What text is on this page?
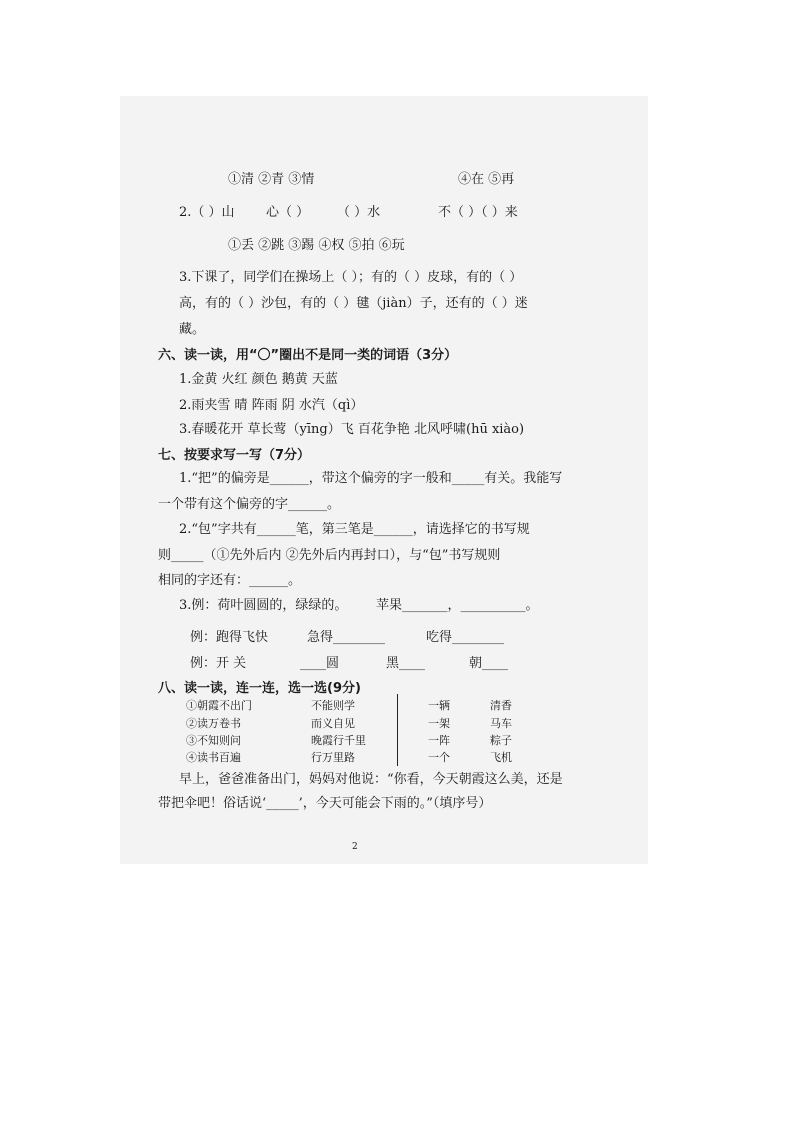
①清 ②青 ③情	④在 ⑤再
2.（ ）山 心（ ） （ ）水	不（ ）（ ）来
①丢 ②跳 ③踢 ④权 ⑤拍 ⑥玩
3.下课了，同学们在操场上（ ）；有的（ ）皮球，有的（ ）
高，有的（ ）沙包，有的（ ）毽（jiàn）子，还有的（ ）迷
藏。
六、读一读，用“〇”圈出不是同一类的词语（3分）
1.金黄 火红 颜色 鹅黄 天蓝
2.雨夹雪 晴 阵雨 阴 水汽（qì）
3.春暖花开 草长莺（yīng）飞 百花争艳 北风呼啸(hū xiào)
七、按要求写一写（7分）
1.“把”的偏旁是______，带这个偏旁的字一般和_____有关。我能写
一个带有这个偏旁的字______。
2.“包”字共有______笔，第三笔是______，请选择它的书写规
则_____（①先外后内 ②先外后内再封口），与“包”书写规则
相同的字还有：______。
3.例：荷叶圆圆的，绿绿的。 苹果_______，__________。
例：跑得飞快	急得________	吃得________
例：开 关	____圆	黑____	朝____
八、读一读，连一连，选一选(9分)
①朝霞不出门	不能则学	一辆	清香
②读万卷书	而义自见	一架	马车
③不知则问	晚霞行千里	一阵	粽子
④读书百遍	行万里路	一个	飞机
早上，爸爸准备出门，妈妈对他说：“你看，今天朝霞这么美，还是
带把伞吧！俗话说‘_____’，今天可能会下雨的。”（填序号）
2
